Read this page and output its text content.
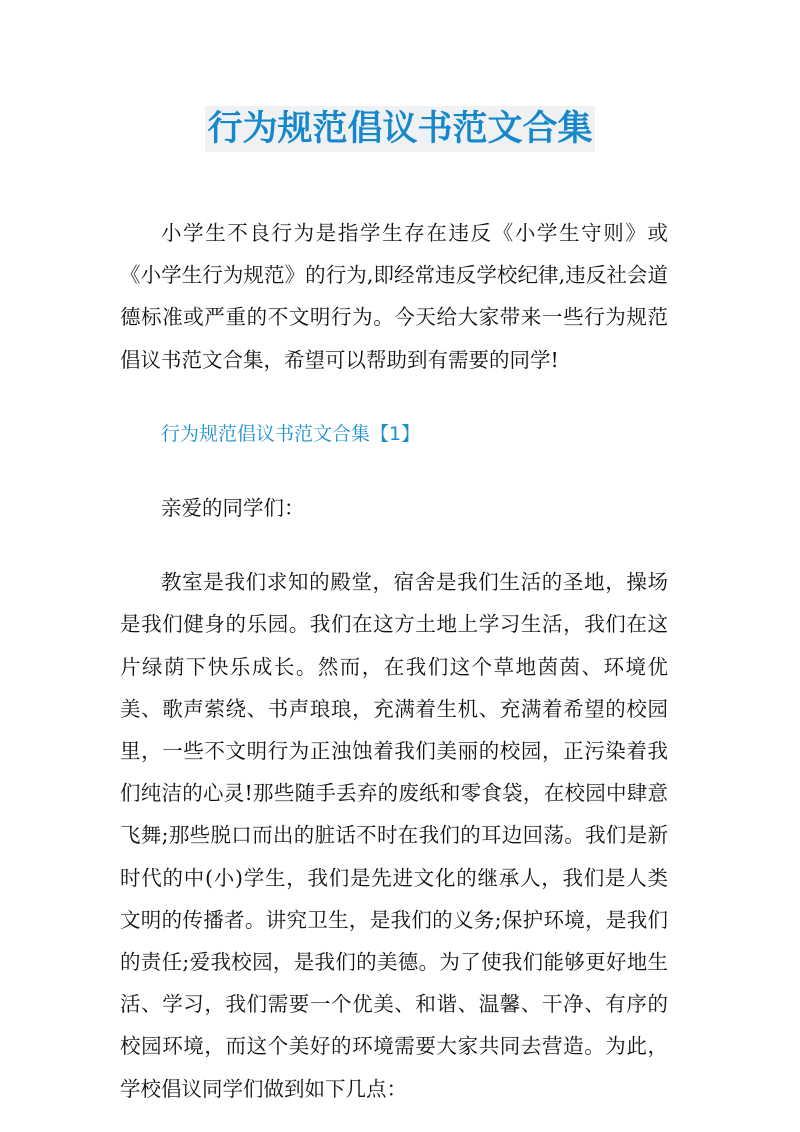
行为规范倡议书范文合集

小学生不良行为是指学生存在违反《小学生守则》或《小学生行为规范》的行为,即经常违反学校纪律,违反社会道德标准或严重的不文明行为。今天给大家带来一些行为规范倡议书范文合集，希望可以帮助到有需要的同学!

行为规范倡议书范文合集【1】

亲爱的同学们：

教室是我们求知的殿堂，宿舍是我们生活的圣地，操场是我们健身的乐园。我们在这方土地上学习生活，我们在这片绿荫下快乐成长。然而，在我们这个草地茵茵、环境优美、歌声萦绕、书声琅琅，充满着生机、充满着希望的校园里，一些不文明行为正浊蚀着我们美丽的校园，正污染着我们纯洁的心灵!那些随手丢弃的废纸和零食袋，在校园中肆意飞舞;那些脱口而出的脏话不时在我们的耳边回荡。我们是新时代的中(小)学生，我们是先进文化的继承人，我们是人类文明的传播者。讲究卫生，是我们的义务;保护环境，是我们的责任;爱我校园，是我们的美德。为了使我们能够更好地生活、学习，我们需要一个优美、和谐、温馨、干净、有序的校园环境，而这个美好的环境需要大家共同去营造。为此，学校倡议同学们做到如下几点：
